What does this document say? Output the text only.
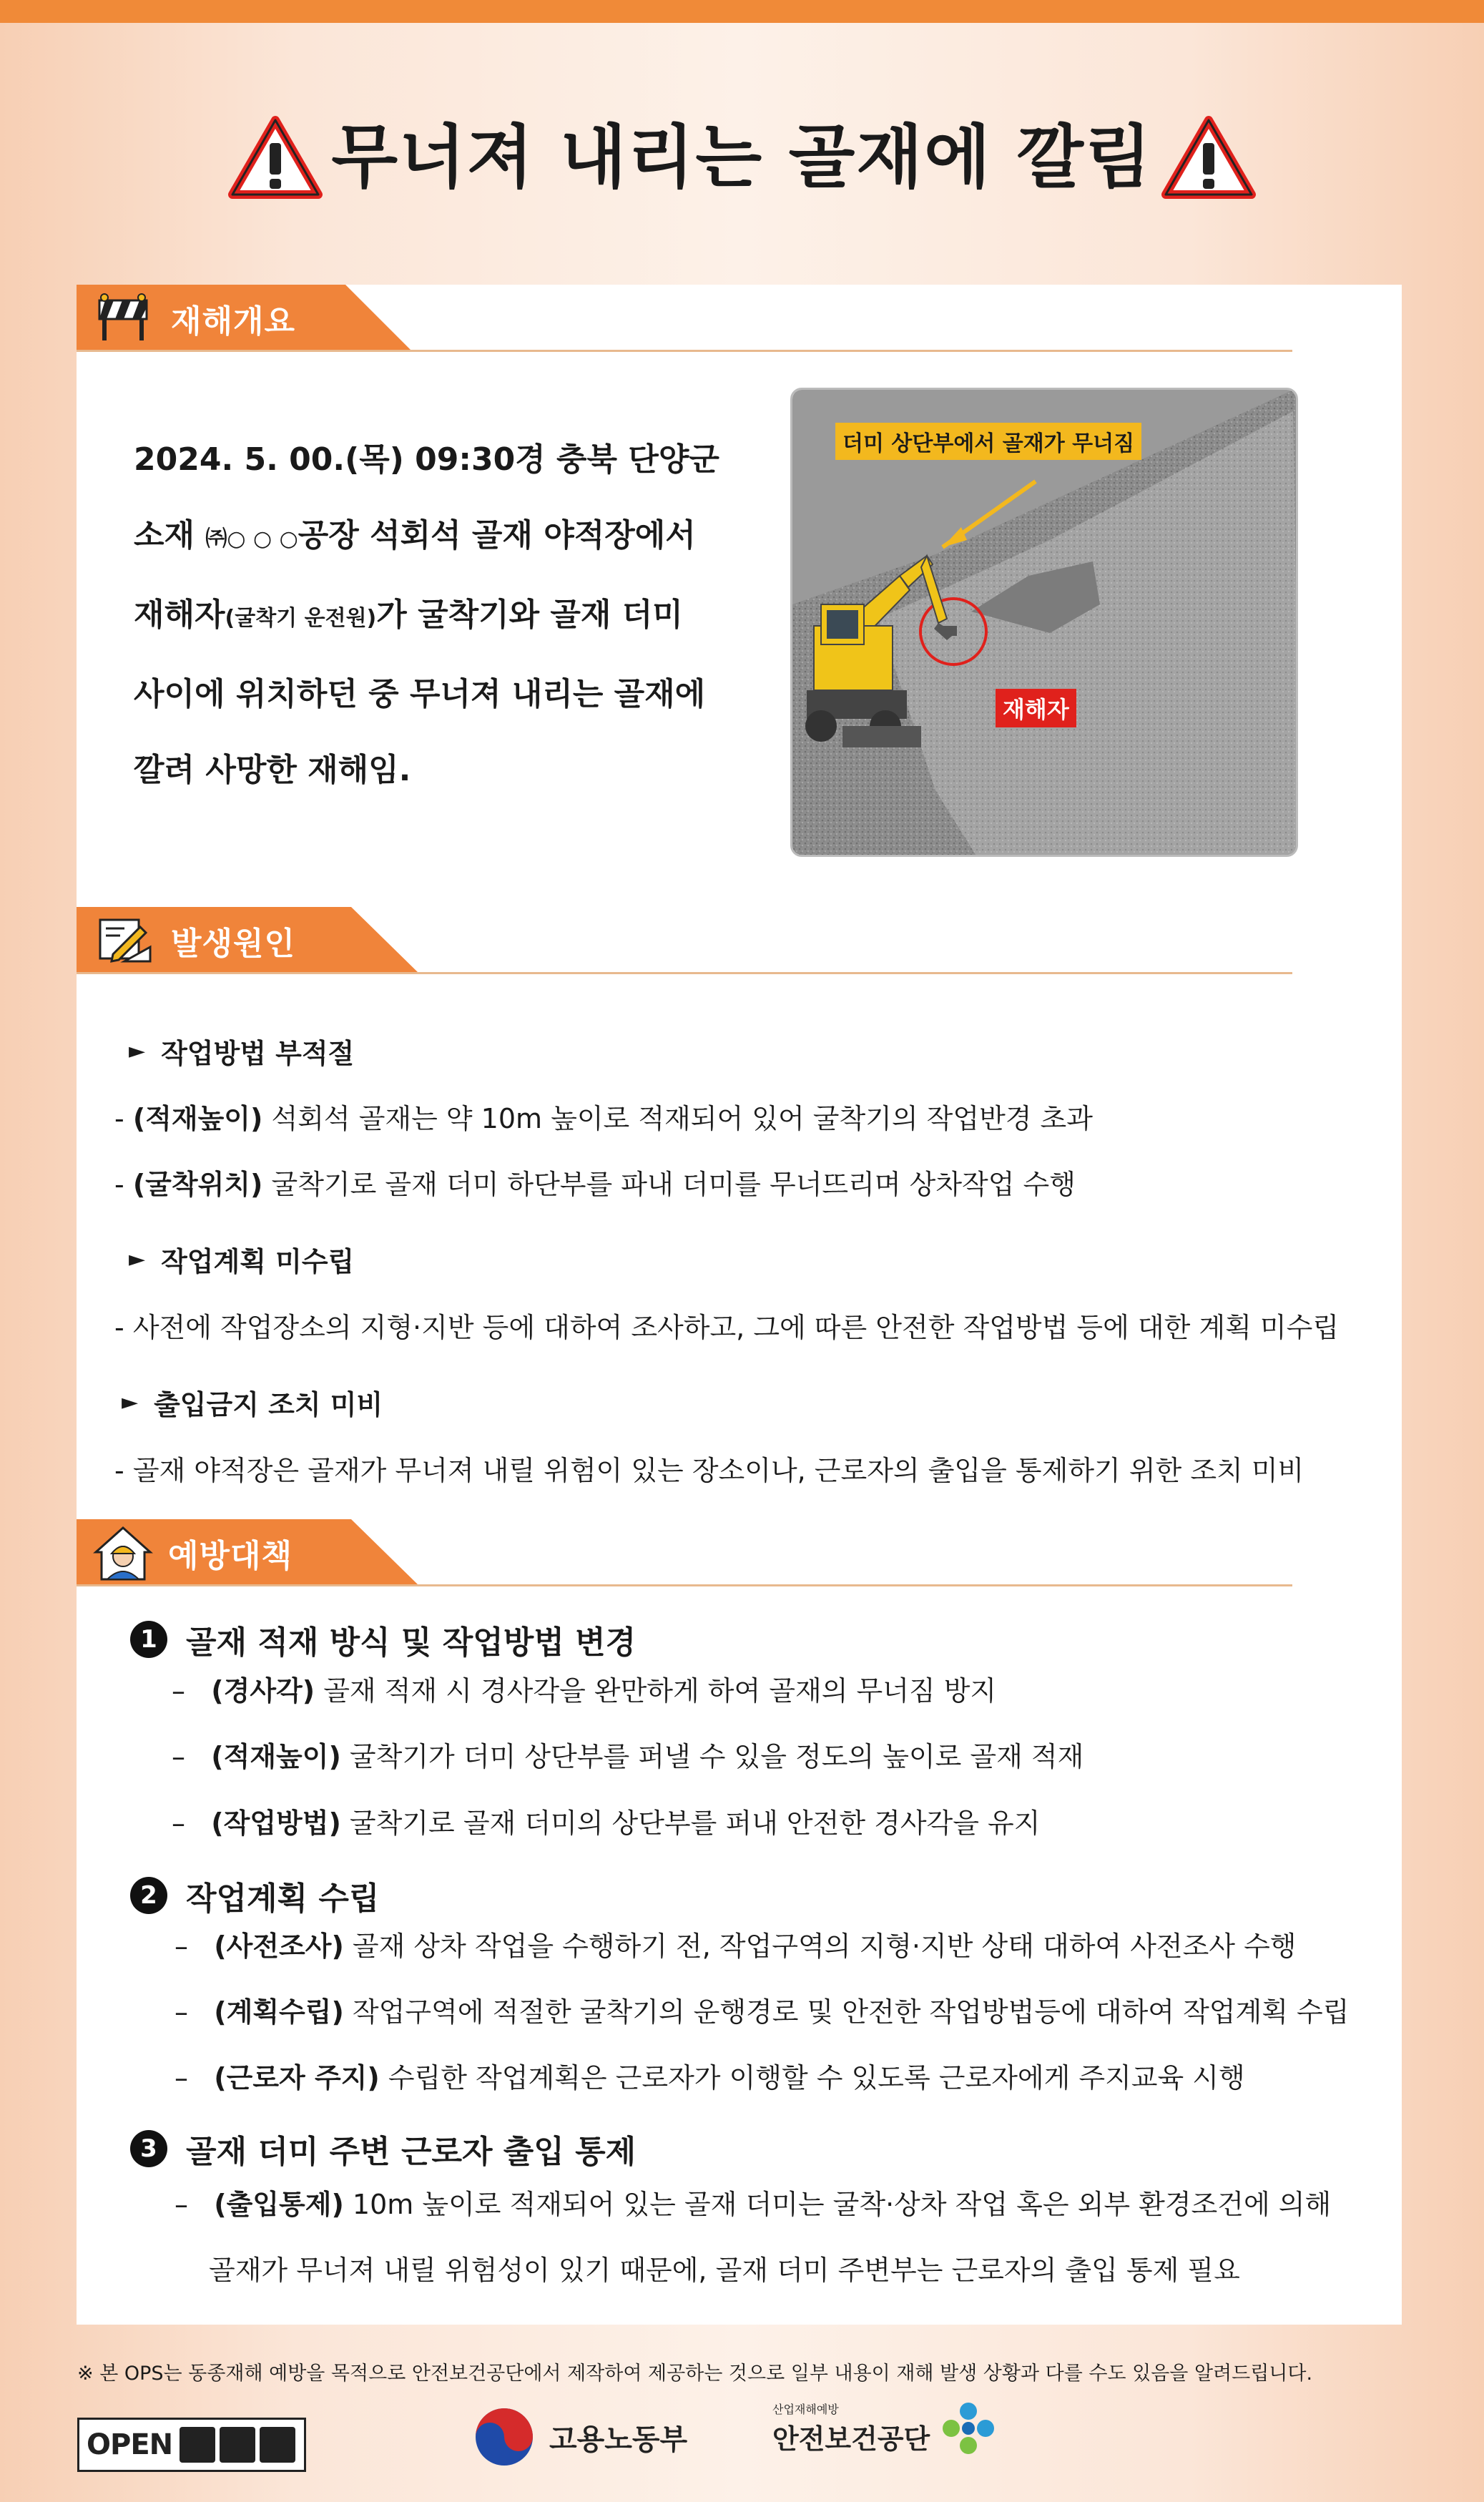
무너져 내리는 골재에 깔림
재해개요
2024. 5. 00.(목) 09:30경 충북 단양군
소재 ㈜○ ○ ○공장 석회석 골재 야적장에서
재해자(굴착기 운전원)가 굴착기와 골재 더미
사이에 위치하던 중 무너져 내리는 골재에
깔려 사망한 재해임.
더미 상단부에서 골재가 무너짐
재해자
발생원인
► 작업방법 부적절
- (적재높이) 석회석 골재는 약 10m 높이로 적재되어 있어 굴착기의 작업반경 초과
- (굴착위치) 굴착기로 골재 더미 하단부를 파내 더미를 무너뜨리며 상차작업 수행
► 작업계획 미수립
- 사전에 작업장소의 지형·지반 등에 대하여 조사하고, 그에 따른 안전한 작업방법 등에 대한 계획 미수립
► 출입금지 조치 미비
- 골재 야적장은 골재가 무너져 내릴 위험이 있는 장소이나, 근로자의 출입을 통제하기 위한 조치 미비
예방대책
1 골재 적재 방식 및 작업방법 변경
– (경사각) 골재 적재 시 경사각을 완만하게 하여 골재의 무너짐 방지
– (적재높이) 굴착기가 더미 상단부를 퍼낼 수 있을 정도의 높이로 골재 적재
– (작업방법) 굴착기로 골재 더미의 상단부를 퍼내 안전한 경사각을 유지
2 작업계획 수립
– (사전조사) 골재 상차 작업을 수행하기 전, 작업구역의 지형·지반 상태 대하여 사전조사 수행
– (계획수립) 작업구역에 적절한 굴착기의 운행경로 및 안전한 작업방법등에 대하여 작업계획 수립
– (근로자 주지) 수립한 작업계획은 근로자가 이행할 수 있도록 근로자에게 주지교육 시행
3 골재 더미 주변 근로자 출입 통제
– (출입통제) 10m 높이로 적재되어 있는 골재 더미는 굴착·상차 작업 혹은 외부 환경조건에 의해
골재가 무너져 내릴 위험성이 있기 때문에, 골재 더미 주변부는 근로자의 출입 통제 필요
※ 본 OPS는 동종재해 예방을 목적으로 안전보건공단에서 제작하여 제공하는 것으로 일부 내용이 재해 발생 상황과 다를 수도 있음을 알려드립니다.
OPEN	고용노동부
산업재해예방
안전보건공단
